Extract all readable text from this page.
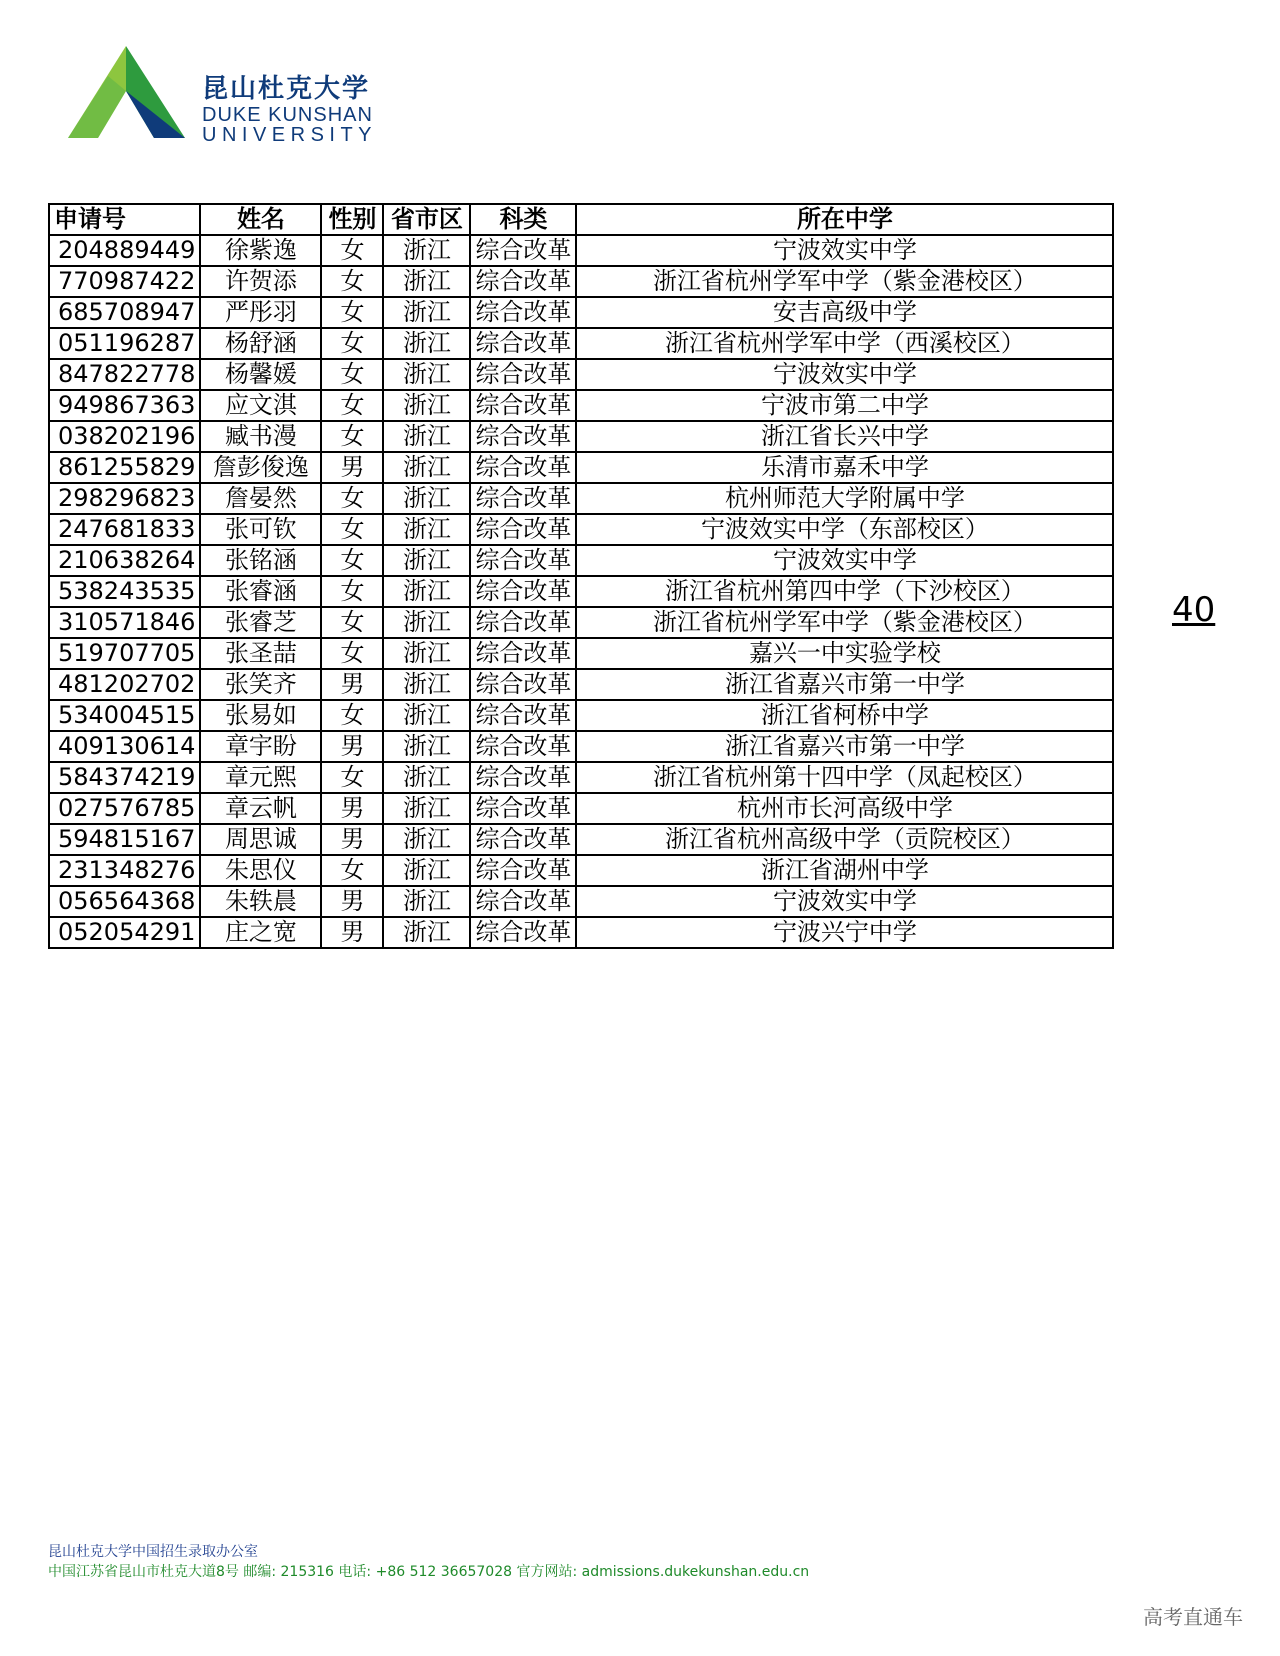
昆山杜克大学
DUKE KUNSHAN
UNIVERSITY
申请号	姓名	性别	省市区	科类	所在中学
204889449	徐紫逸	女	浙江	综合改革	宁波效实中学
770987422	许贺添	女	浙江	综合改革	浙江省杭州学军中学（紫金港校区）
685708947	严彤羽	女	浙江	综合改革	安吉高级中学
051196287	杨舒涵	女	浙江	综合改革	浙江省杭州学军中学（西溪校区）
847822778	杨馨媛	女	浙江	综合改革	宁波效实中学
949867363	应文淇	女	浙江	综合改革	宁波市第二中学
038202196	臧书漫	女	浙江	综合改革	浙江省长兴中学
861255829	詹彭俊逸	男	浙江	综合改革	乐清市嘉禾中学
298296823	詹晏然	女	浙江	综合改革	杭州师范大学附属中学
247681833	张可钦	女	浙江	综合改革	宁波效实中学（东部校区）
210638264	张铭涵	女	浙江	综合改革	宁波效实中学
538243535	张睿涵	女	浙江	综合改革	浙江省杭州第四中学（下沙校区）
310571846	张睿芝	女	浙江	综合改革	浙江省杭州学军中学（紫金港校区）
519707705	张圣喆	女	浙江	综合改革	嘉兴一中实验学校
481202702	张笑齐	男	浙江	综合改革	浙江省嘉兴市第一中学
534004515	张易如	女	浙江	综合改革	浙江省柯桥中学
409130614	章宇盼	男	浙江	综合改革	浙江省嘉兴市第一中学
584374219	章元熙	女	浙江	综合改革	浙江省杭州第十四中学（凤起校区）
027576785	章云帆	男	浙江	综合改革	杭州市长河高级中学
594815167	周思诚	男	浙江	综合改革	浙江省杭州高级中学（贡院校区）
231348276	朱思仪	女	浙江	综合改革	浙江省湖州中学
056564368	朱轶晨	男	浙江	综合改革	宁波效实中学
052054291	庄之宽	男	浙江	综合改革	宁波兴宁中学
40
昆山杜克大学中国招生录取办公室
中国江苏省昆山市杜克大道8号 邮编: 215316 电话: +86 512 36657028 官方网站: admissions.dukekunshan.edu.cn
高考直通车
